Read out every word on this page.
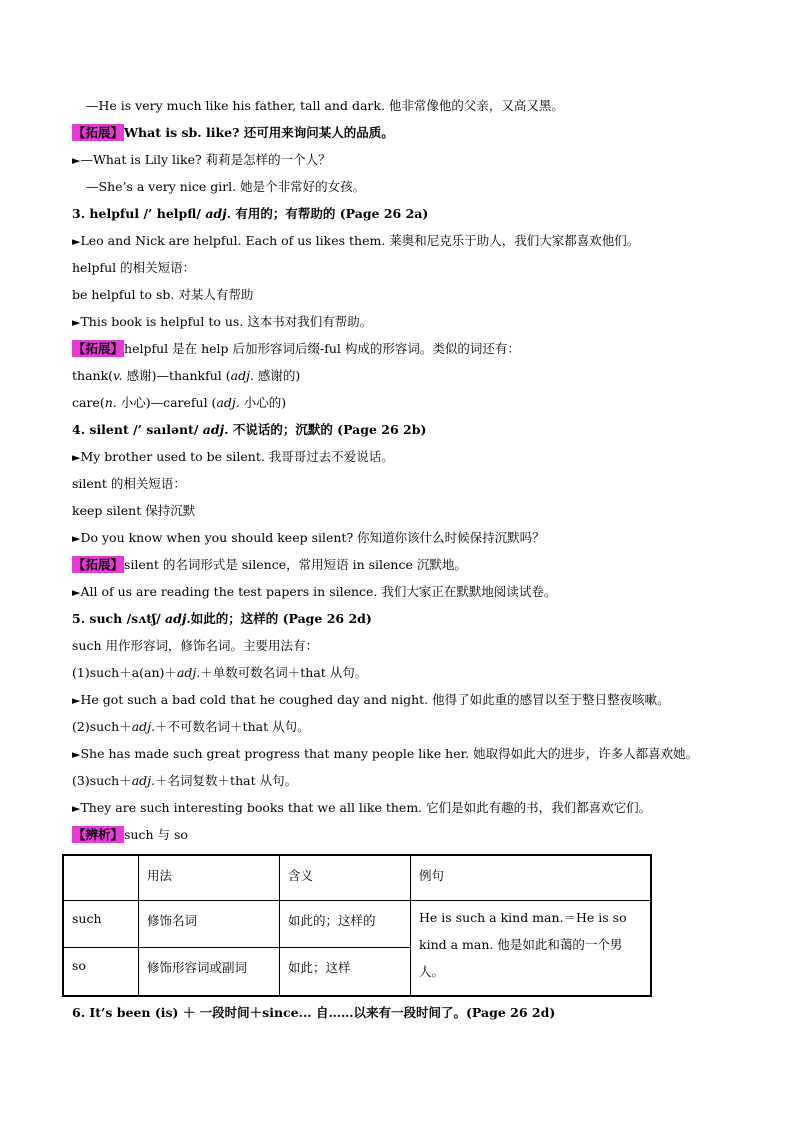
—He is very much like his father, tall and dark. 他非常像他的父亲，又高又黑。
【拓展】What is sb. like? 还可用来询问某人的品质。
►—What is Lily like? 莉莉是怎样的一个人？
—She’s a very nice girl. 她是个非常好的女孩。
3. helpful /’ helpfl/ adj. 有用的；有帮助的 (Page 26 2a)
►Leo and Nick are helpful. Each of us likes them. 莱奥和尼克乐于助人，我们大家都喜欢他们。
helpful 的相关短语：
be helpful to sb. 对某人有帮助
►This book is helpful to us. 这本书对我们有帮助。
【拓展】helpful 是在 help 后加形容词后缀-ful 构成的形容词。类似的词还有：
thank(v. 感谢)—thankful (adj. 感谢的)
care(n. 小心)—careful (adj. 小心的)
4. silent /’ saılənt/ adj. 不说话的；沉默的 (Page 26 2b)
►My brother used to be silent. 我哥哥过去不爱说话。
silent 的相关短语：
keep silent 保持沉默
►Do you know when you should keep silent? 你知道你该什么时候保持沉默吗？
【拓展】silent 的名词形式是 silence，常用短语 in silence 沉默地。
►All of us are reading the test papers in silence. 我们大家正在默默地阅读试卷。
5. such /sʌtʃ/ adj.如此的；这样的 (Page 26 2d)
such 用作形容词，修饰名词。主要用法有：
(1)such＋a(an)＋adj.＋单数可数名词＋that 从句。
►He got such a bad cold that he coughed day and night. 他得了如此重的感冒以至于整日整夜咳嗽。
(2)such＋adj.＋不可数名词＋that 从句。
►She has made such great progress that many people like her. 她取得如此大的进步，许多人都喜欢她。
(3)such＋adj.＋名词复数＋that 从句。
►They are such interesting books that we all like them. 它们是如此有趣的书，我们都喜欢它们。
【辨析】such 与 so
	用法	含义	例句
such	修饰名词	如此的；这样的	He is such a kind man.＝He is so kind a man. 他是如此和蔼的一个男人。
so	修饰形容词或副词	如此；这样	
6. It’s been (is) ＋ 一段时间＋since... 自……以来有一段时间了。(Page 26 2d)
